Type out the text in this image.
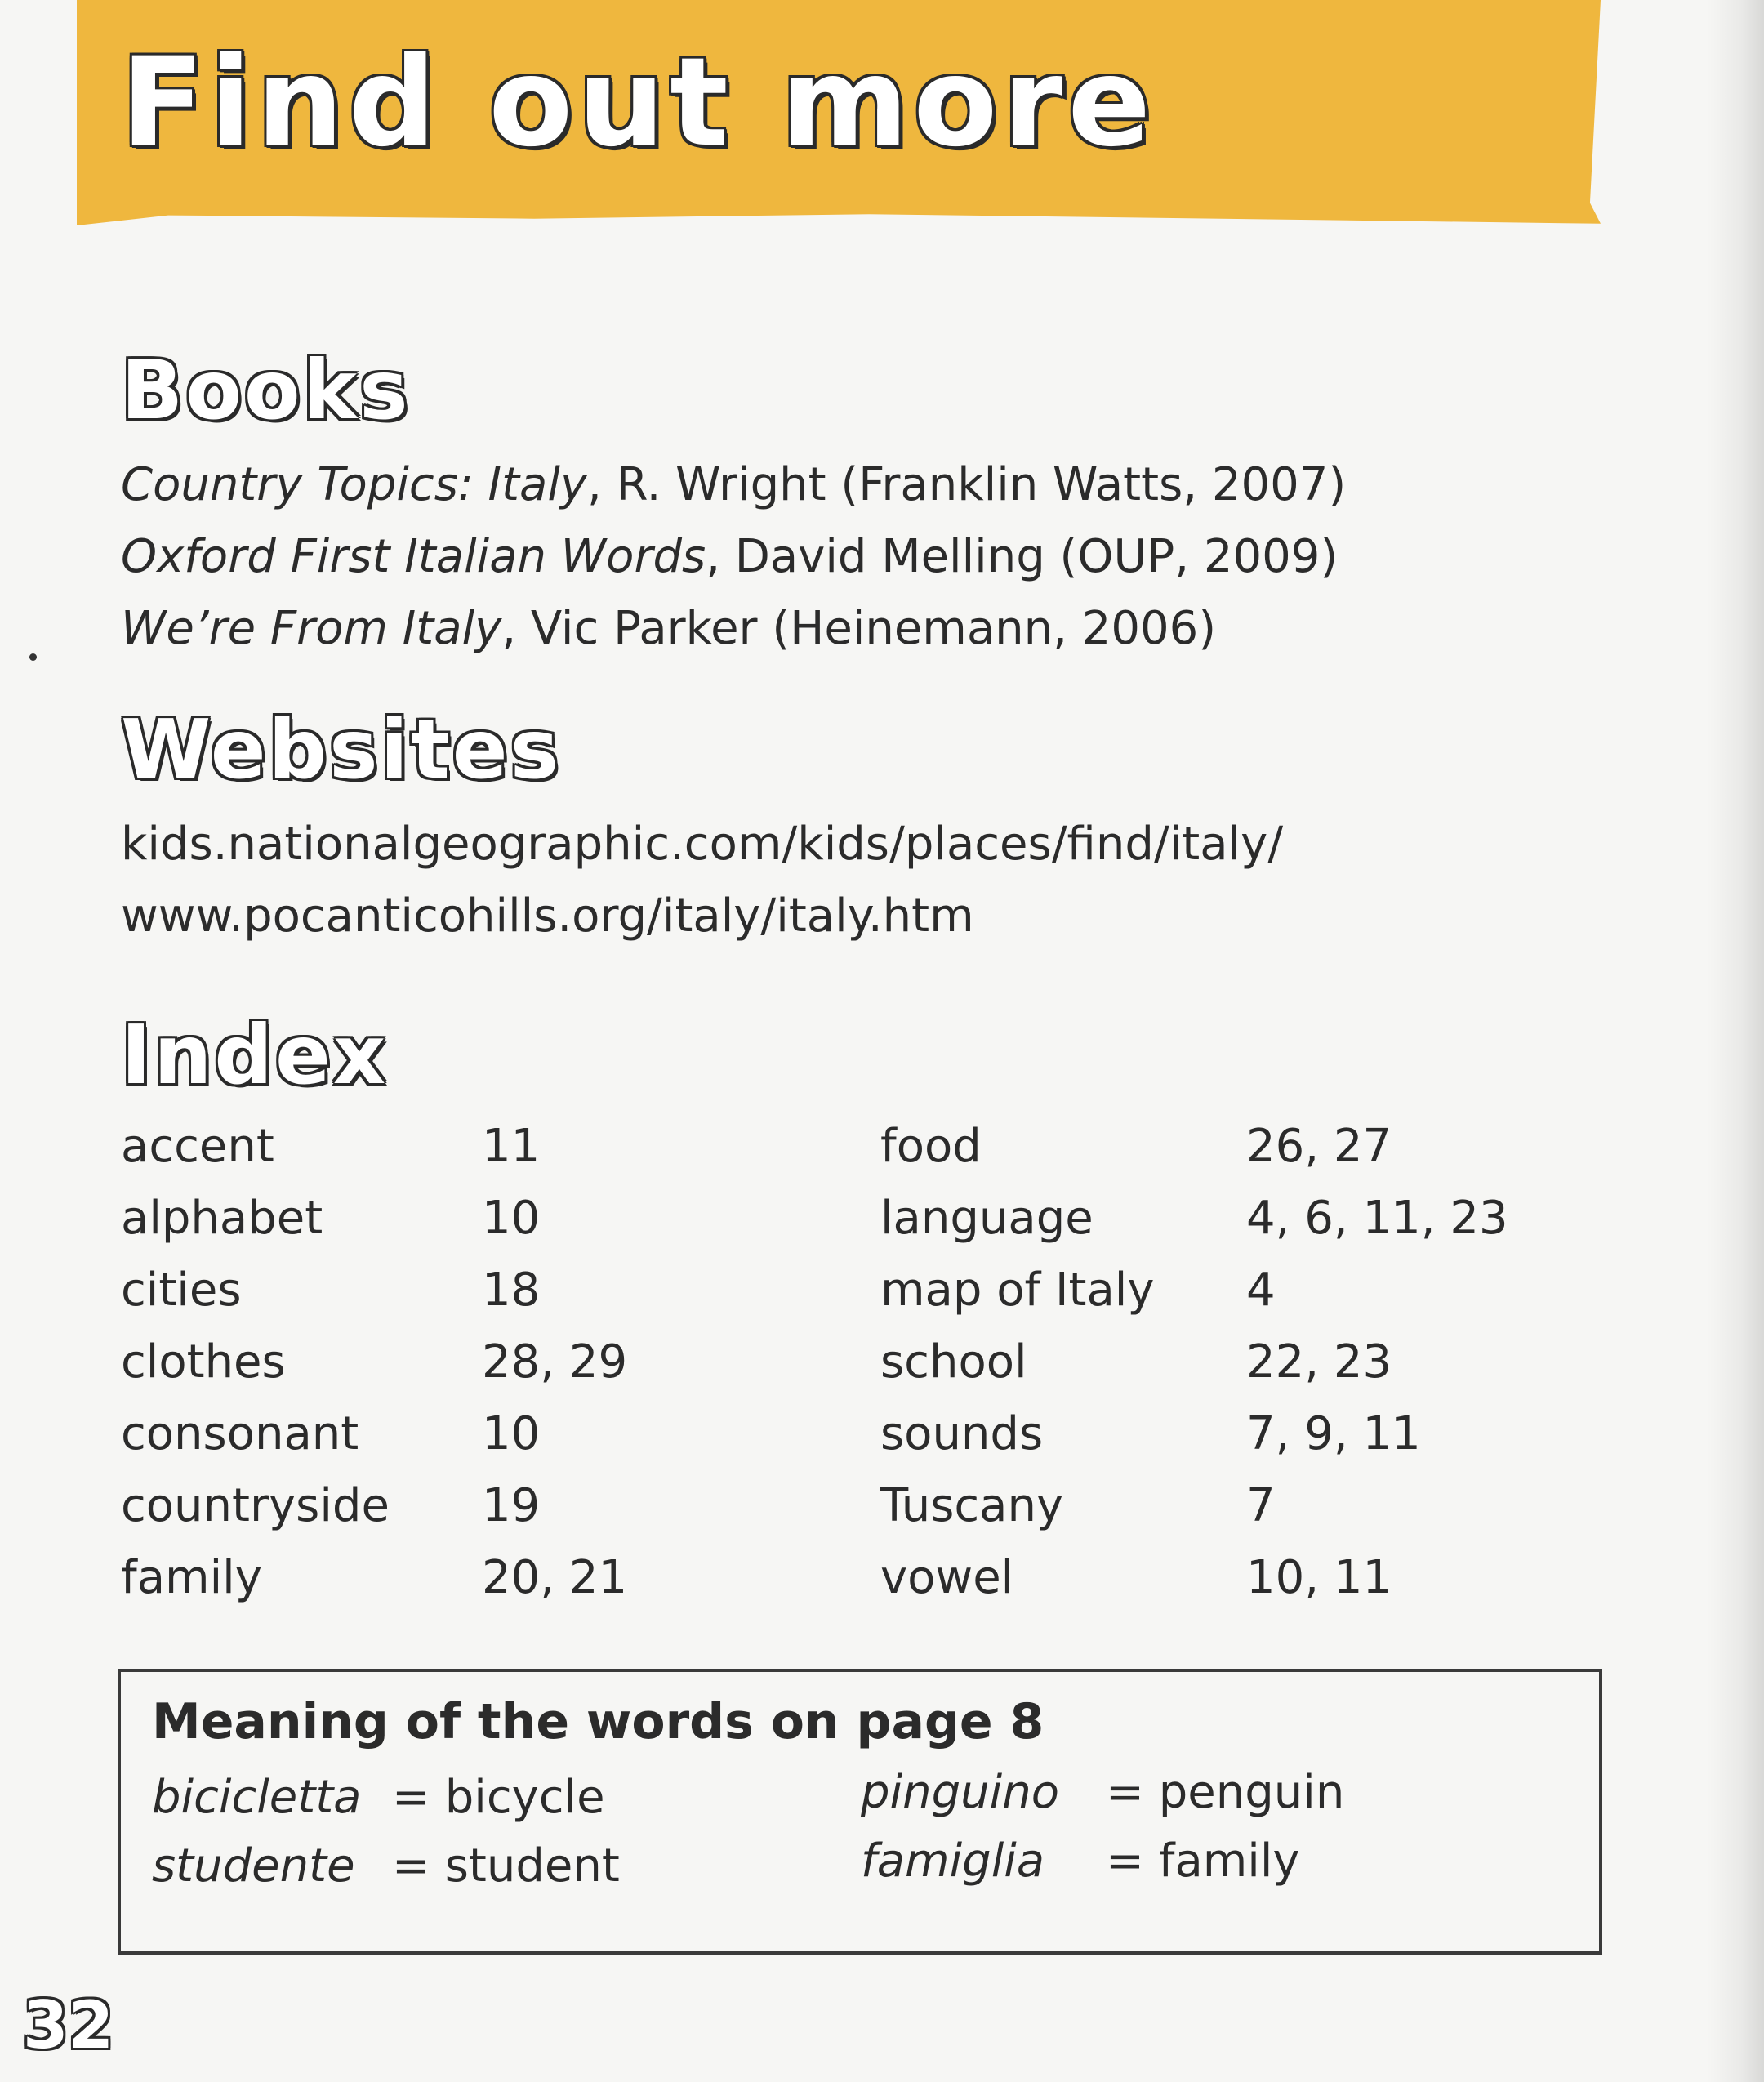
Find out more
Books
Country Topics: Italy, R. Wright (Franklin Watts, 2007)
Oxford First Italian Words, David Melling (OUP, 2009)
We’re From Italy, Vic Parker (Heinemann, 2006)
Websites
kids.nationalgeographic.com/kids/places/find/italy/
www.pocanticohills.org/italy/italy.htm
Index
accent	11
alphabet	10
cities	18
clothes	28, 29
consonant	10
countryside 19
family	20, 21
food	26, 27
language	4, 6, 11, 23
map of Italy 4
school	22, 23
sounds	7, 9, 11
Tuscany	7
vowel	10, 11
Meaning of the words on page 8
bicicletta = bicycle
studente = student
pinguino = penguin
famiglia = family
32
